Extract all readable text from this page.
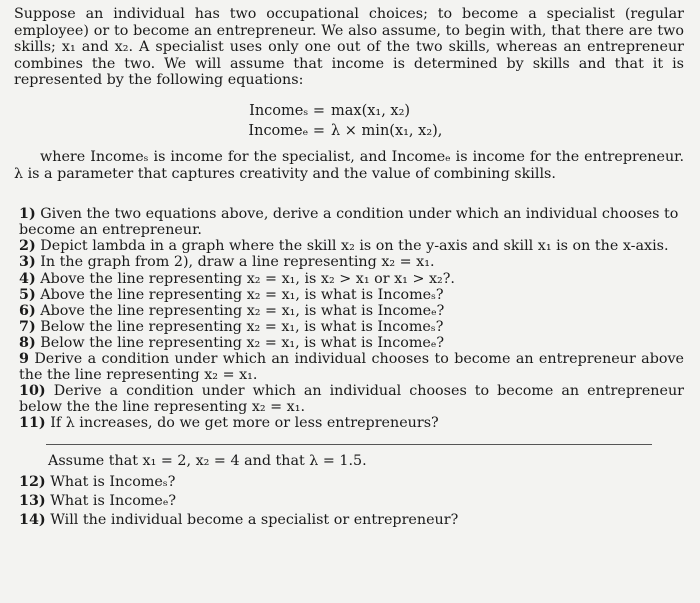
Suppose an individual has two occupational choices; to become a specialist (regular employee) or to become an entrepreneur. We also assume, to begin with, that there are two skills; x₁ and x₂. A specialist uses only one out of the two skills, whereas an entrepreneur combines the two. We will assume that income is determined by skills and that it is represented by the following equations:

Incomeₛ = max(x₁, x₂)
Incomeₑ = λ × min(x₁, x₂),

where Incomeₛ is income for the specialist, and Incomeₑ is income for the entrepreneur. λ is a parameter that captures creativity and the value of combining skills.

1) Given the two equations above, derive a condition under which an individual chooses to become an entrepreneur.

2) Depict lambda in a graph where the skill x₂ is on the y-axis and skill x₁ is on the x-axis.

3) In the graph from 2), draw a line representing x₂ = x₁.

4) Above the line representing x₂ = x₁, is x₂ > x₁ or x₁ > x₂?.

5) Above the line representing x₂ = x₁, is what is Incomeₛ?

6) Above the line representing x₂ = x₁, is what is Incomeₑ?

7) Below the line representing x₂ = x₁, is what is Incomeₛ?

8) Below the line representing x₂ = x₁, is what is Incomeₑ?

9 Derive a condition under which an individual chooses to become an entrepreneur above the the line representing x₂ = x₁.

10) Derive a condition under which an individual chooses to become an entrepreneur below the the line representing x₂ = x₁.

11) If λ increases, do we get more or less entrepreneurs?

Assume that x₁ = 2, x₂ = 4 and that λ = 1.5.

12) What is Incomeₛ?

13) What is Incomeₑ?

14) Will the individual become a specialist or entrepreneur?
